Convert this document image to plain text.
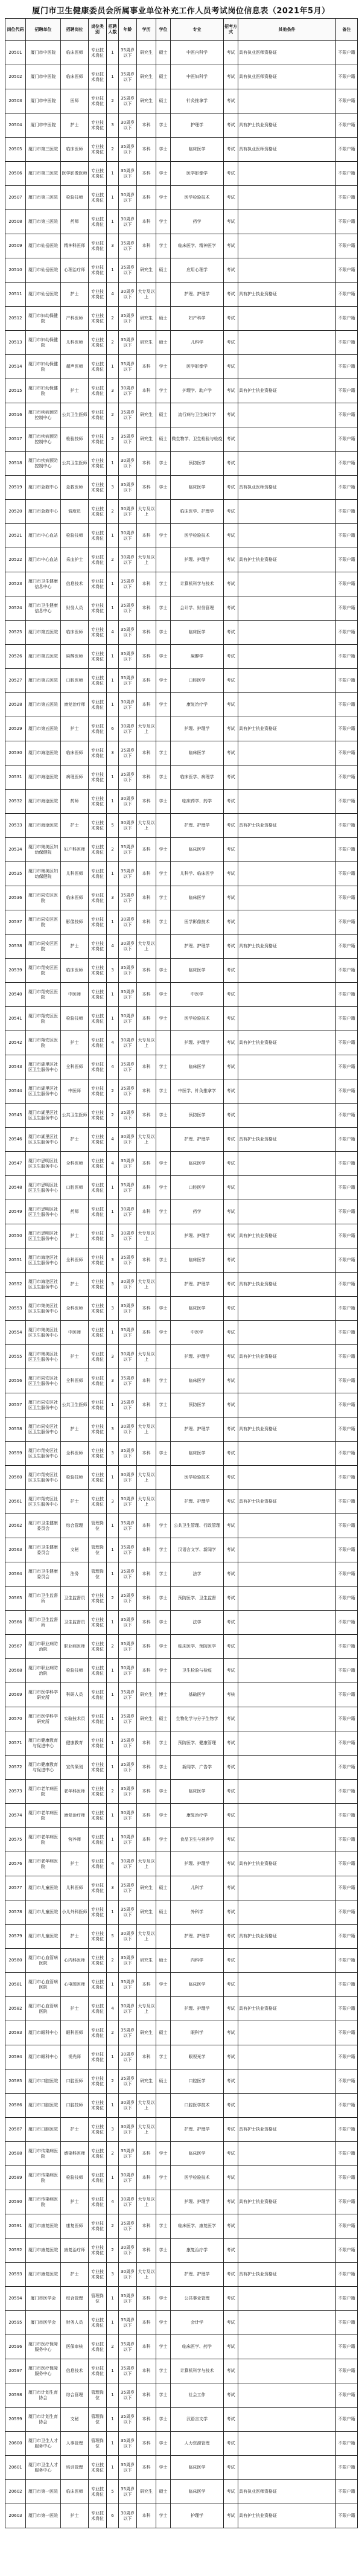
厦门市卫生健康委员会所属事业单位补充工作人员考试岗位信息表（2021年5月）
岗位代码	招聘单位	招聘岗位	岗位类别	招聘人数	年龄	学历	学位	专业	招考方式	其他条件	备注
20501	厦门市中医院	临床医师	专业技术岗位	1	35周岁以下	研究生	硕士	中医内科学	考试	具有执业医师资格证	不限户籍
20502	厦门市中医院	临床医师	专业技术岗位	1	35周岁以下	研究生	硕士	中医妇科学	考试	具有执业医师资格证	不限户籍
20503	厦门市中医院	医师	专业技术岗位	2	35周岁以下	研究生	硕士	针灸推拿学	考试		不限户籍
20504	厦门市中医院	护士	专业技术岗位	3	30周岁以下	本科	学士	护理学	考试	具有护士执业资格证	不限户籍
20505	厦门市第三医院	临床医师	专业技术岗位	2	35周岁以下	本科	学士	临床医学	考试	具有执业医师资格证	不限户籍
20506	厦门市第三医院	医学影像医师	专业技术岗位	1	35周岁以下	本科	学士	医学影像学	考试		不限户籍
20507	厦门市第三医院	检验技师	专业技术岗位	1	30周岁以下	本科	学士	医学检验技术	考试		不限户籍
20508	厦门市第三医院	药师	专业技术岗位	1	30周岁以下	本科	学士	药学	考试		不限户籍
20509	厦门市仙岳医院	精神科医师	专业技术岗位	3	35周岁以下	本科	学士	临床医学、精神医学	考试		不限户籍
20510	厦门市仙岳医院	心理治疗师	专业技术岗位	1	35周岁以下	研究生	硕士	应用心理学	考试		不限户籍
20511	厦门市仙岳医院	护士	专业技术岗位	4	30周岁以下	大专及以上		护理、护理学	考试	具有护士执业资格证	不限户籍
20512	厦门市妇幼保健院	产科医师	专业技术岗位	2	35周岁以下	研究生	硕士	妇产科学	考试		不限户籍
20513	厦门市妇幼保健院	儿科医师	专业技术岗位	2	35周岁以下	研究生	硕士	儿科学	考试		不限户籍
20514	厦门市妇幼保健院	超声医师	专业技术岗位	1	35周岁以下	本科	学士	医学影像学	考试		不限户籍
20515	厦门市妇幼保健院	护士	专业技术岗位	3	30周岁以下	本科	学士	护理学、助产学	考试	具有护士执业资格证	不限户籍
20516	厦门市疾病预防控制中心	公共卫生医师	专业技术岗位	2	35周岁以下	研究生	硕士	流行病与卫生统计学	考试		不限户籍
20517	厦门市疾病预防控制中心	检验技师	专业技术岗位	2	35周岁以下	研究生	硕士	微生物学、卫生检验与检疫	考试		不限户籍
20518	厦门市疾病预防控制中心	公共卫生医师	专业技术岗位	1	30周岁以下	本科	学士	预防医学	考试		不限户籍
20519	厦门市急救中心	急救医师	专业技术岗位	3	35周岁以下	本科	学士	临床医学	考试	具有执业医师资格证	不限户籍
20520	厦门市急救中心	调度员	专业技术岗位	2	30周岁以下	大专及以上		临床医学、护理学	考试		不限户籍
20521	厦门市中心血站	检验技师	专业技术岗位	1	30周岁以下	本科	学士	医学检验技术	考试		不限户籍
20522	厦门市中心血站	采血护士	专业技术岗位	2	30周岁以下	大专及以上		护理、护理学	考试	具有护士执业资格证	不限户籍
20523	厦门市卫生健康信息中心	信息技术	专业技术岗位	1	35周岁以下	本科	学士	计算机科学与技术	考试		不限户籍
20524	厦门市卫生健康信息中心	财务人员	专业技术岗位	1	35周岁以下	本科	学士	会计学、财务管理	考试		不限户籍
20525	厦门市第五医院	临床医师	专业技术岗位	4	35周岁以下	本科	学士	临床医学	考试		不限户籍
20526	厦门市第五医院	麻醉医师	专业技术岗位	1	35周岁以下	本科	学士	麻醉学	考试		不限户籍
20527	厦门市第五医院	口腔医师	专业技术岗位	1	35周岁以下	本科	学士	口腔医学	考试		不限户籍
20528	厦门市第五医院	康复治疗师	专业技术岗位	1	30周岁以下	本科	学士	康复治疗学	考试		不限户籍
20529	厦门市第五医院	护士	专业技术岗位	6	30周岁以下	大专及以上		护理、护理学	考试	具有护士执业资格证	不限户籍
20530	厦门市海沧医院	临床医师	专业技术岗位	3	35周岁以下	本科	学士	临床医学	考试		不限户籍
20531	厦门市海沧医院	病理医师	专业技术岗位	1	35周岁以下	本科	学士	临床医学、病理学	考试		不限户籍
20532	厦门市海沧医院	药师	专业技术岗位	1	30周岁以下	本科	学士	临床药学、药学	考试		不限户籍
20533	厦门市海沧医院	护士	专业技术岗位	5	30周岁以下	大专及以上		护理、护理学	考试	具有护士执业资格证	不限户籍
20534	厦门市集美区妇幼保健院	妇产科医师	专业技术岗位	2	35周岁以下	本科	学士	临床医学	考试		不限户籍
20535	厦门市集美区妇幼保健院	儿科医师	专业技术岗位	1	35周岁以下	本科	学士	儿科学、临床医学	考试		不限户籍
20536	厦门市同安区医院	临床医师	专业技术岗位	3	35周岁以下	本科	学士	临床医学	考试		不限户籍
20537	厦门市同安区医院	影像技师	专业技术岗位	1	30周岁以下	本科	学士	医学影像技术	考试		不限户籍
20538	厦门市同安区医院	护士	专业技术岗位	4	30周岁以下	大专及以上		护理、护理学	考试	具有护士执业资格证	不限户籍
20539	厦门市翔安区医院	临床医师	专业技术岗位	3	35周岁以下	本科	学士	临床医学	考试		不限户籍
20540	厦门市翔安区医院	中医师	专业技术岗位	1	35周岁以下	本科	学士	中医学	考试		不限户籍
20541	厦门市翔安区医院	检验技师	专业技术岗位	1	30周岁以下	本科	学士	医学检验技术	考试		不限户籍
20542	厦门市翔安区医院	护士	专业技术岗位	4	30周岁以下	大专及以上		护理、护理学	考试	具有护士执业资格证	不限户籍
20543	厦门市湖里区社区卫生服务中心	全科医师	专业技术岗位	4	35周岁以下	本科	学士	临床医学	考试		不限户籍
20544	厦门市湖里区社区卫生服务中心	中医师	专业技术岗位	2	35周岁以下	本科	学士	中医学、针灸推拿学	考试		不限户籍
20545	厦门市湖里区社区卫生服务中心	公共卫生医师	专业技术岗位	2	35周岁以下	本科	学士	预防医学	考试		不限户籍
20546	厦门市湖里区社区卫生服务中心	护士	专业技术岗位	4	30周岁以下	大专及以上		护理、护理学	考试	具有护士执业资格证	不限户籍
20547	厦门市思明区社区卫生服务中心	全科医师	专业技术岗位	4	35周岁以下	本科	学士	临床医学	考试		不限户籍
20548	厦门市思明区社区卫生服务中心	口腔医师	专业技术岗位	1	35周岁以下	本科	学士	口腔医学	考试		不限户籍
20549	厦门市思明区社区卫生服务中心	药师	专业技术岗位	1	30周岁以下	本科	学士	药学	考试		不限户籍
20550	厦门市思明区社区卫生服务中心	护士	专业技术岗位	5	30周岁以下	大专及以上		护理、护理学	考试	具有护士执业资格证	不限户籍
20551	厦门市海沧区社区卫生服务中心	全科医师	专业技术岗位	3	35周岁以下	本科	学士	临床医学	考试		不限户籍
20552	厦门市海沧区社区卫生服务中心	护士	专业技术岗位	3	30周岁以下	大专及以上		护理、护理学	考试	具有护士执业资格证	不限户籍
20553	厦门市集美区社区卫生服务中心	全科医师	专业技术岗位	3	35周岁以下	本科	学士	临床医学	考试		不限户籍
20554	厦门市集美区社区卫生服务中心	中医师	专业技术岗位	1	35周岁以下	本科	学士	中医学	考试		不限户籍
20555	厦门市集美区社区卫生服务中心	护士	专业技术岗位	3	30周岁以下	大专及以上		护理、护理学	考试	具有护士执业资格证	不限户籍
20556	厦门市同安区社区卫生服务中心	全科医师	专业技术岗位	3	35周岁以下	本科	学士	临床医学	考试		不限户籍
20557	厦门市同安区社区卫生服务中心	公共卫生医师	专业技术岗位	1	35周岁以下	本科	学士	预防医学	考试		不限户籍
20558	厦门市同安区社区卫生服务中心	护士	专业技术岗位	3	30周岁以下	大专及以上		护理、护理学	考试	具有护士执业资格证	不限户籍
20559	厦门市翔安区社区卫生服务中心	全科医师	专业技术岗位	3	35周岁以下	本科	学士	临床医学	考试		不限户籍
20560	厦门市翔安区社区卫生服务中心	检验技师	专业技术岗位	1	30周岁以下	大专及以上		医学检验技术	考试		不限户籍
20561	厦门市翔安区社区卫生服务中心	护士	专业技术岗位	3	30周岁以下	大专及以上		护理、护理学	考试	具有护士执业资格证	不限户籍
20562	厦门市卫生健康委员会	综合管理	管理岗位	1	35周岁以下	本科	学士	公共卫生管理、行政管理	考试		不限户籍
20563	厦门市卫生健康委员会	文秘	管理岗位	1	35周岁以下	本科	学士	汉语言文学、新闻学	考试		不限户籍
20564	厦门市卫生健康委员会	法务	管理岗位	1	35周岁以下	本科	学士	法学	考试		不限户籍
20565	厦门市卫生监督所	卫生监督员	专业技术岗位	2	35周岁以下	本科	学士	预防医学、卫生监督	考试		不限户籍
20566	厦门市卫生监督所	卫生监督员	专业技术岗位	1	35周岁以下	本科	学士	法学	考试		不限户籍
20567	厦门市职业病防治院	职业病医师	专业技术岗位	2	35周岁以下	本科	学士	临床医学、预防医学	考试		不限户籍
20568	厦门市职业病防治院	检验技师	专业技术岗位	1	30周岁以下	本科	学士	卫生检验与检疫	考试		不限户籍
20569	厦门市医学科学研究所	科研人员	专业技术岗位	1	35周岁以下	研究生	博士	基础医学	考核		不限户籍
20570	厦门市医学科学研究所	实验技术员	专业技术岗位	1	35周岁以下	研究生	硕士	生物化学与分子生物学	考试		不限户籍
20571	厦门市健康教育与促进中心	健康教育	专业技术岗位	1	35周岁以下	本科	学士	预防医学、健康管理	考试		不限户籍
20572	厦门市健康教育与促进中心	宣传策划	专业技术岗位	1	35周岁以下	本科	学士	新闻学、广告学	考试		不限户籍
20573	厦门市老年病医院	老年科医师	专业技术岗位	2	35周岁以下	本科	学士	临床医学	考试		不限户籍
20574	厦门市老年病医院	康复治疗师	专业技术岗位	1	30周岁以下	本科	学士	康复治疗学	考试		不限户籍
20575	厦门市老年病医院	营养师	专业技术岗位	1	30周岁以下	本科	学士	食品卫生与营养学	考试		不限户籍
20576	厦门市老年病医院	护士	专业技术岗位	4	30周岁以下	大专及以上		护理、护理学	考试	具有护士执业资格证	不限户籍
20577	厦门市儿童医院	儿科医师	专业技术岗位	3	35周岁以下	研究生	硕士	儿科学	考试		不限户籍
20578	厦门市儿童医院	小儿外科医师	专业技术岗位	1	35周岁以下	研究生	硕士	外科学	考试		不限户籍
20579	厦门市儿童医院	护士	专业技术岗位	5	30周岁以下	大专及以上		护理、护理学	考试	具有护士执业资格证	不限户籍
20580	厦门市心血管病医院	心内科医师	专业技术岗位	2	35周岁以下	研究生	硕士	内科学	考试		不限户籍
20581	厦门市心血管病医院	心电图医师	专业技术岗位	1	35周岁以下	本科	学士	临床医学	考试		不限户籍
20582	厦门市心血管病医院	护士	专业技术岗位	4	30周岁以下	大专及以上		护理、护理学	考试	具有护士执业资格证	不限户籍
20583	厦门市眼科中心	眼科医师	专业技术岗位	2	35周岁以下	研究生	硕士	眼科学	考试		不限户籍
20584	厦门市眼科中心	视光师	专业技术岗位	1	30周岁以下	本科	学士	眼视光学	考试		不限户籍
20585	厦门市口腔医院	口腔医师	专业技术岗位	2	35周岁以下	研究生	硕士	口腔医学	考试		不限户籍
20586	厦门市口腔医院	口腔技师	专业技术岗位	1	30周岁以下	大专及以上		口腔医学技术	考试		不限户籍
20587	厦门市口腔医院	护士	专业技术岗位	3	30周岁以下	大专及以上		护理、护理学	考试	具有护士执业资格证	不限户籍
20588	厦门市传染病医院	感染科医师	专业技术岗位	2	35周岁以下	本科	学士	临床医学	考试		不限户籍
20589	厦门市传染病医院	检验技师	专业技术岗位	1	30周岁以下	本科	学士	医学检验技术	考试		不限户籍
20590	厦门市传染病医院	护士	专业技术岗位	4	30周岁以下	大专及以上		护理、护理学	考试	具有护士执业资格证	不限户籍
20591	厦门市康复医院	康复医师	专业技术岗位	2	35周岁以下	本科	学士	临床医学、康复医学	考试		不限户籍
20592	厦门市康复医院	康复治疗师	专业技术岗位	2	30周岁以下	本科	学士	康复治疗学	考试		不限户籍
20593	厦门市康复医院	护士	专业技术岗位	3	30周岁以下	大专及以上		护理、护理学	考试	具有护士执业资格证	不限户籍
20594	厦门市医学会	综合管理	管理岗位	1	35周岁以下	本科	学士	公共事业管理	考试		不限户籍
20595	厦门市医学会	财务人员	专业技术岗位	1	35周岁以下	本科	学士	会计学	考试		不限户籍
20596	厦门市医疗保障服务中心	医保审核	专业技术岗位	2	35周岁以下	本科	学士	临床医学、药学	考试		不限户籍
20597	厦门市医疗保障服务中心	信息技术	专业技术岗位	1	35周岁以下	本科	学士	计算机科学与技术	考试		不限户籍
20598	厦门市计划生育协会	综合管理	管理岗位	1	35周岁以下	本科	学士	社会工作	考试		不限户籍
20599	厦门市计划生育协会	文秘	管理岗位	1	35周岁以下	本科	学士	汉语言文学	考试		不限户籍
20600	厦门市卫生人才服务中心	人事管理	管理岗位	1	35周岁以下	本科	学士	人力资源管理	考试		不限户籍
20601	厦门市卫生人才服务中心	培训管理	专业技术岗位	1	35周岁以下	本科	学士	临床医学	考试		不限户籍
20602	厦门市第一医院	临床医师	专业技术岗位	5	35周岁以下	研究生	硕士	临床医学	考试	具有执业医师资格证	不限户籍
20603	厦门市第一医院	护士	专业技术岗位	6	30周岁以下	本科	学士	护理学	考试	具有护士执业资格证	不限户籍
